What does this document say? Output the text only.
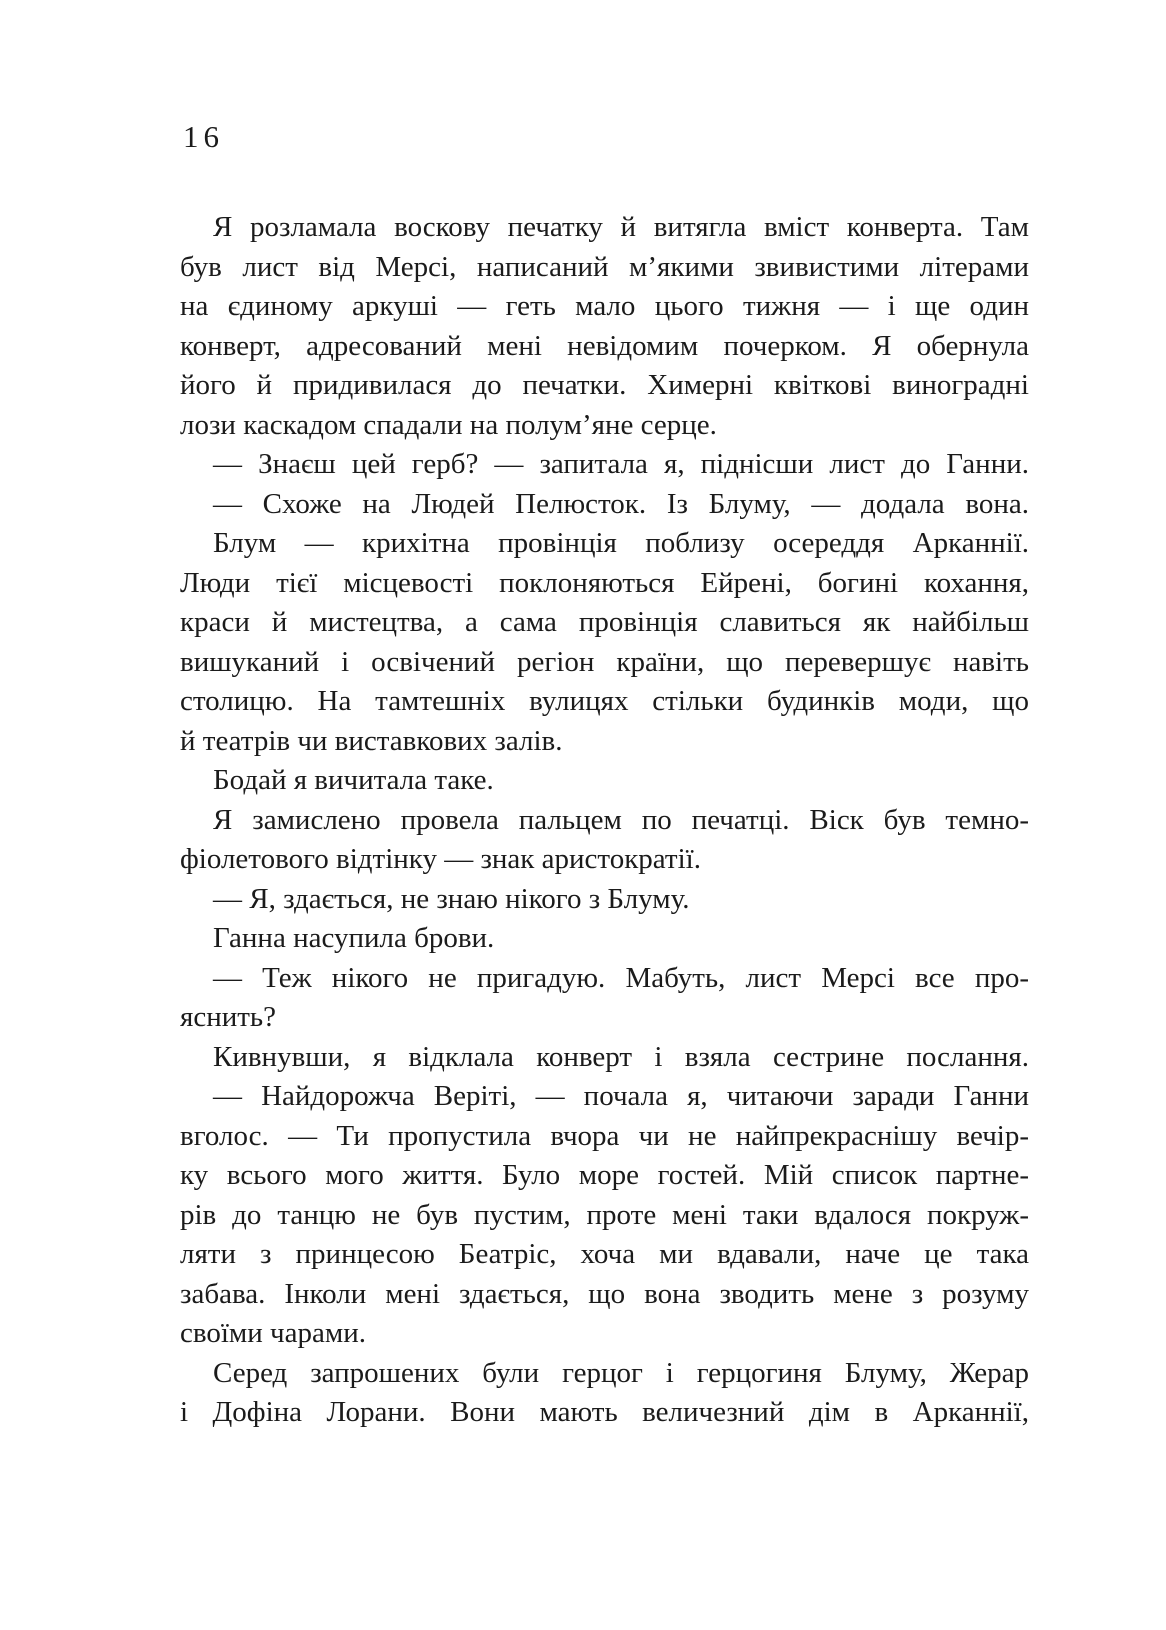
16
Я розламала воскову печатку й витягла вміст конверта. Там
був лист від Мерсі, написаний м’якими звивистими літерами
на єдиному аркуші — геть мало цього тижня — і ще один
конверт, адресований мені невідомим почерком. Я обернула
його й придивилася до печатки. Химерні квіткові виноградні
лози каскадом спадали на полум’яне серце.
— Знаєш цей герб? — запитала я, піднісши лист до Ганни.
— Схоже на Людей Пелюсток. Із Блуму, — додала вона.
Блум — крихітна провінція поблизу осереддя Арканнії.
Люди тієї місцевості поклоняються Ейрені, богині кохання,
краси й мистецтва, а сама провінція славиться як найбільш
вишуканий і освічений регіон країни, що перевершує навіть
столицю. На тамтешніх вулицях стільки будинків моди, що
й театрів чи виставкових залів.
Бодай я вичитала таке.
Я замислено провела пальцем по печатці. Віск був темно-
фіолетового відтінку — знак аристократії.
— Я, здається, не знаю нікого з Блуму.
Ганна насупила брови.
— Теж нікого не пригадую. Мабуть, лист Мерсі все про-
яснить?
Кивнувши, я відклала конверт і взяла сестрине послання.
— Найдорожча Веріті, — почала я, читаючи заради Ганни
вголос. — Ти пропустила вчора чи не найпрекраснішу вечір-
ку всього мого життя. Було море гостей. Мій список партне-
рів до танцю не був пустим, проте мені таки вдалося покруж-
ляти з принцесою Беатріс, хоча ми вдавали, наче це така
забава. Інколи мені здається, що вона зводить мене з розуму
своїми чарами.
Серед запрошених були герцог і герцогиня Блуму, Жерар
і Дофіна Лорани. Вони мають величезний дім в Арканнії,
